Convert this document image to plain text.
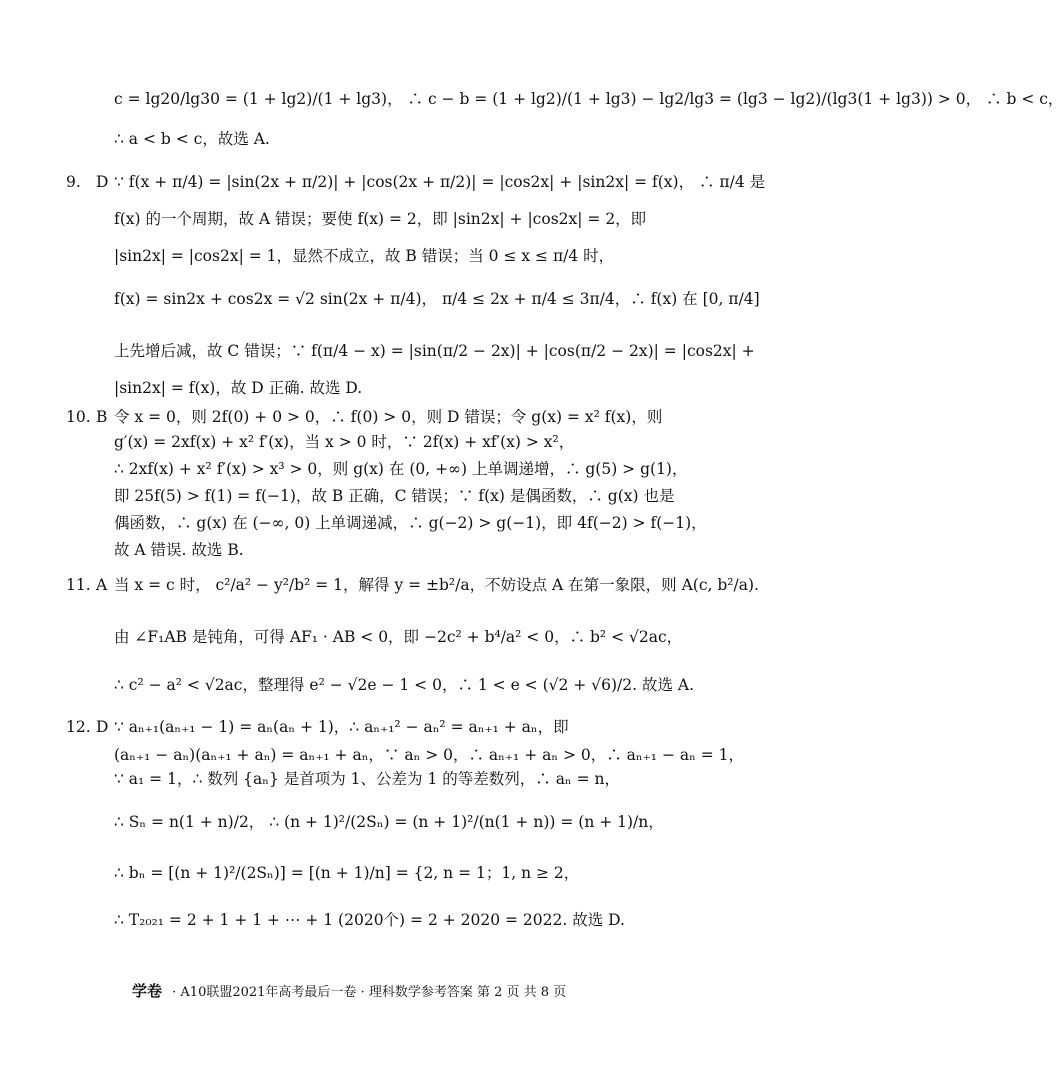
9. D
10. B
11. A
12. D
c = lg20/lg30 = (1 + lg2)/(1 + lg3)， ∴ c − b = (1 + lg2)/(1 + lg3) − lg2/lg3 = (lg3 − lg2)/(lg3(1 + lg3)) > 0， ∴ b < c，
∴ a < b < c，故选 A.
∵ f(x + π/4) = |sin(2x + π/2)| + |cos(2x + π/2)| = |cos2x| + |sin2x| = f(x)， ∴ π/4 是
f(x) 的一个周期，故 A 错误；要使 f(x) = 2，即 |sin2x| + |cos2x| = 2，即
|sin2x| = |cos2x| = 1，显然不成立，故 B 错误；当 0 ≤ x ≤ π/4 时，
f(x) = sin2x + cos2x = √2 sin(2x + π/4)， π/4 ≤ 2x + π/4 ≤ 3π/4，∴ f(x) 在 [0, π/4]
上先增后减，故 C 错误；∵ f(π/4 − x) = |sin(π/2 − 2x)| + |cos(π/2 − 2x)| = |cos2x| +
|sin2x| = f(x)，故 D 正确. 故选 D.
令 x = 0，则 2f(0) + 0 > 0，∴ f(0) > 0，则 D 错误；令 g(x) = x² f(x)，则
g′(x) = 2xf(x) + x² f′(x)，当 x > 0 时，∵ 2f(x) + xf′(x) > x²，
∴ 2xf(x) + x² f′(x) > x³ > 0，则 g(x) 在 (0, +∞) 上单调递增，∴ g(5) > g(1)，
即 25f(5) > f(1) = f(−1)，故 B 正确，C 错误；∵ f(x) 是偶函数，∴ g(x) 也是
偶函数，∴ g(x) 在 (−∞, 0) 上单调递减，∴ g(−2) > g(−1)，即 4f(−2) > f(−1)，
故 A 错误. 故选 B.
当 x = c 时， c²/a² − y²/b² = 1，解得 y = ±b²/a，不妨设点 A 在第一象限，则 A(c, b²/a).
由 ∠F₁AB 是钝角，可得 AF₁ · AB < 0，即 −2c² + b⁴/a² < 0，∴ b² < √2ac，
∴ c² − a² < √2ac，整理得 e² − √2e − 1 < 0，∴ 1 < e < (√2 + √6)/2. 故选 A.
∵ aₙ₊₁(aₙ₊₁ − 1) = aₙ(aₙ + 1)，∴ aₙ₊₁² − aₙ² = aₙ₊₁ + aₙ，即
(aₙ₊₁ − aₙ)(aₙ₊₁ + aₙ) = aₙ₊₁ + aₙ，∵ aₙ > 0，∴ aₙ₊₁ + aₙ > 0，∴ aₙ₊₁ − aₙ = 1，
∵ a₁ = 1，∴ 数列 {aₙ} 是首项为 1、公差为 1 的等差数列，∴ aₙ = n，
∴ Sₙ = n(1 + n)/2， ∴ (n + 1)²/(2Sₙ) = (n + 1)²/(n(1 + n)) = (n + 1)/n，
∴ bₙ = [(n + 1)²/(2Sₙ)] = [(n + 1)/n] = {2, n = 1；1, n ≥ 2，
∴ T₂₀₂₁ = 2 + 1 + 1 + ⋯ + 1 (2020个) = 2 + 2020 = 2022. 故选 D.
学卷 · A10联盟2021年高考最后一卷 · 理科数学参考答案 第 2 页 共 8 页
